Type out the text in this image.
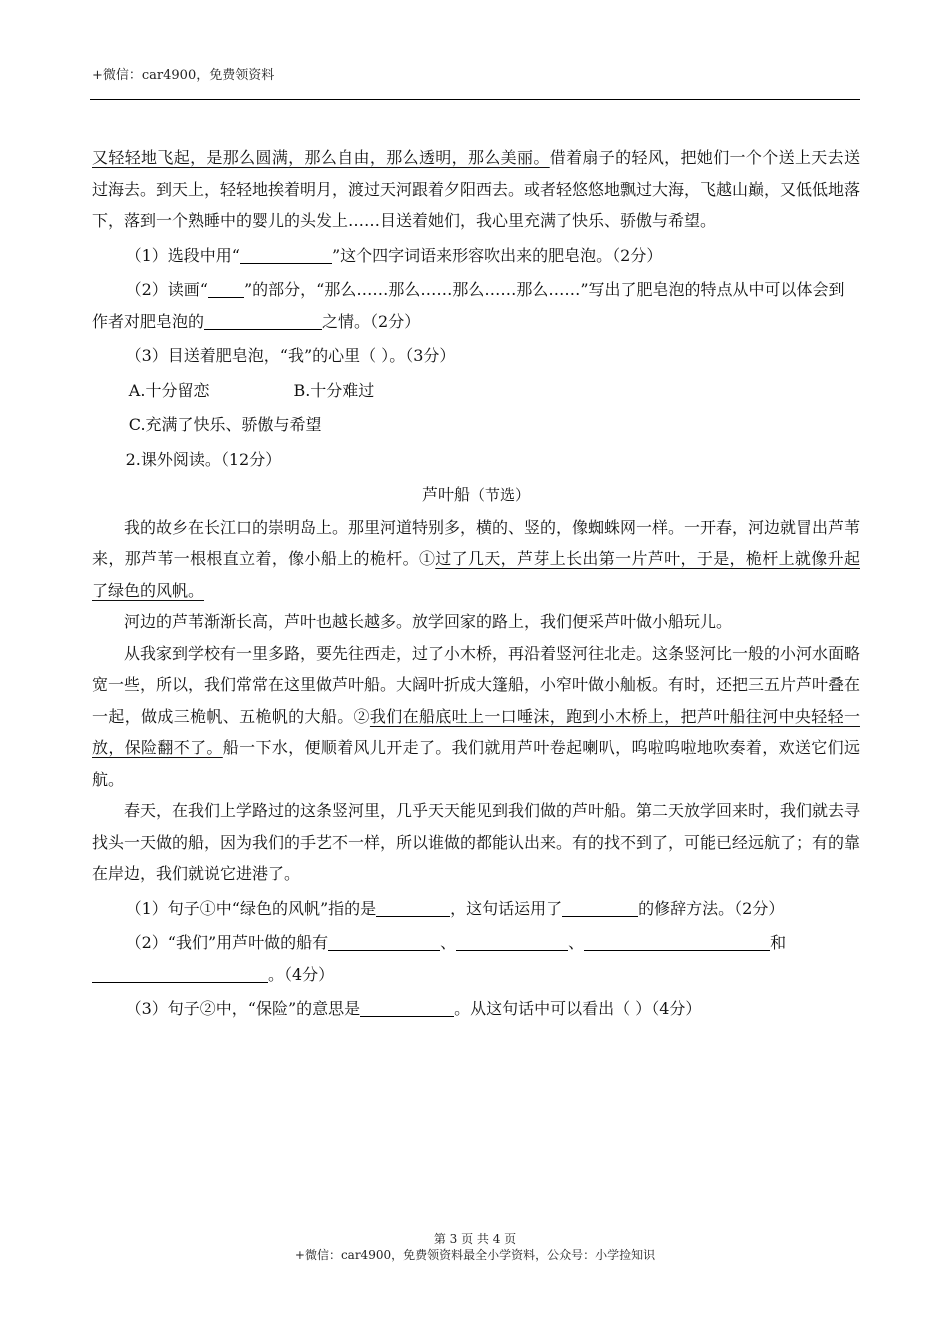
+微信：car4900，免费领资料

又轻轻地飞起，是那么圆满，那么自由，那么透明，那么美丽。借着扇子的轻风，把她们一个个送上天去送过海去。到天上，轻轻地挨着明月，渡过天河跟着夕阳西去。或者轻悠悠地飘过大海，飞越山巅，又低低地落下，落到一个熟睡中的婴儿的头发上……目送着她们，我心里充满了快乐、骄傲与希望。

（1）选段中用“	”这个四字词语来形容吹出来的肥皂泡。（2分）

（2）读画“ ”的部分，“那么……那么……那么……那么……”写出了肥皂泡的特点从中可以体会到作者对肥皂泡的	之情。（2分）

（3）目送着肥皂泡，“我”的心里（ ）。（3分）

A.十分留恋	B.十分难过

C.充满了快乐、骄傲与希望

2.课外阅读。（12分）

芦叶船（节选）

我的故乡在长江口的崇明岛上。那里河道特别多，横的、竖的，像蜘蛛网一样。一开春，河边就冒出芦苇来，那芦苇一根根直立着，像小船上的桅杆。①过了几天，芦芽上长出第一片芦叶，于是，桅杆上就像升起了绿色的风帆。

河边的芦苇渐渐长高，芦叶也越长越多。放学回家的路上，我们便采芦叶做小船玩儿。

从我家到学校有一里多路，要先往西走，过了小木桥，再沿着竖河往北走。这条竖河比一般的小河水面略宽一些，所以，我们常常在这里做芦叶船。大阔叶折成大篷船，小窄叶做小舢板。有时，还把三五片芦叶叠在一起，做成三桅帆、五桅帆的大船。②我们在船底吐上一口唾沫，跑到小木桥上，把芦叶船往河中央轻轻一放，保险翻不了。船一下水，便顺着风儿开走了。我们就用芦叶卷起喇叭，呜啦呜啦地吹奏着，欢送它们远航。

春天，在我们上学路过的这条竖河里，几乎天天能见到我们做的芦叶船。第二天放学回来时，我们就去寻找头一天做的船，因为我们的手艺不一样，所以谁做的都能认出来。有的找不到了，可能已经远航了；有的靠在岸边，我们就说它进港了。

（1）句子①中“绿色的风帆”指的是	，这句话运用了	的修辞方法。（2分）

（2）“我们”用芦叶做的船有	、	、	和。（4分）

（3）句子②中，“保险”的意思是	。从这句话中可以看出（ ）（4分）

第 3 页 共 4 页
+微信：car4900，免费领资料最全小学资料，公众号：小学捡知识
